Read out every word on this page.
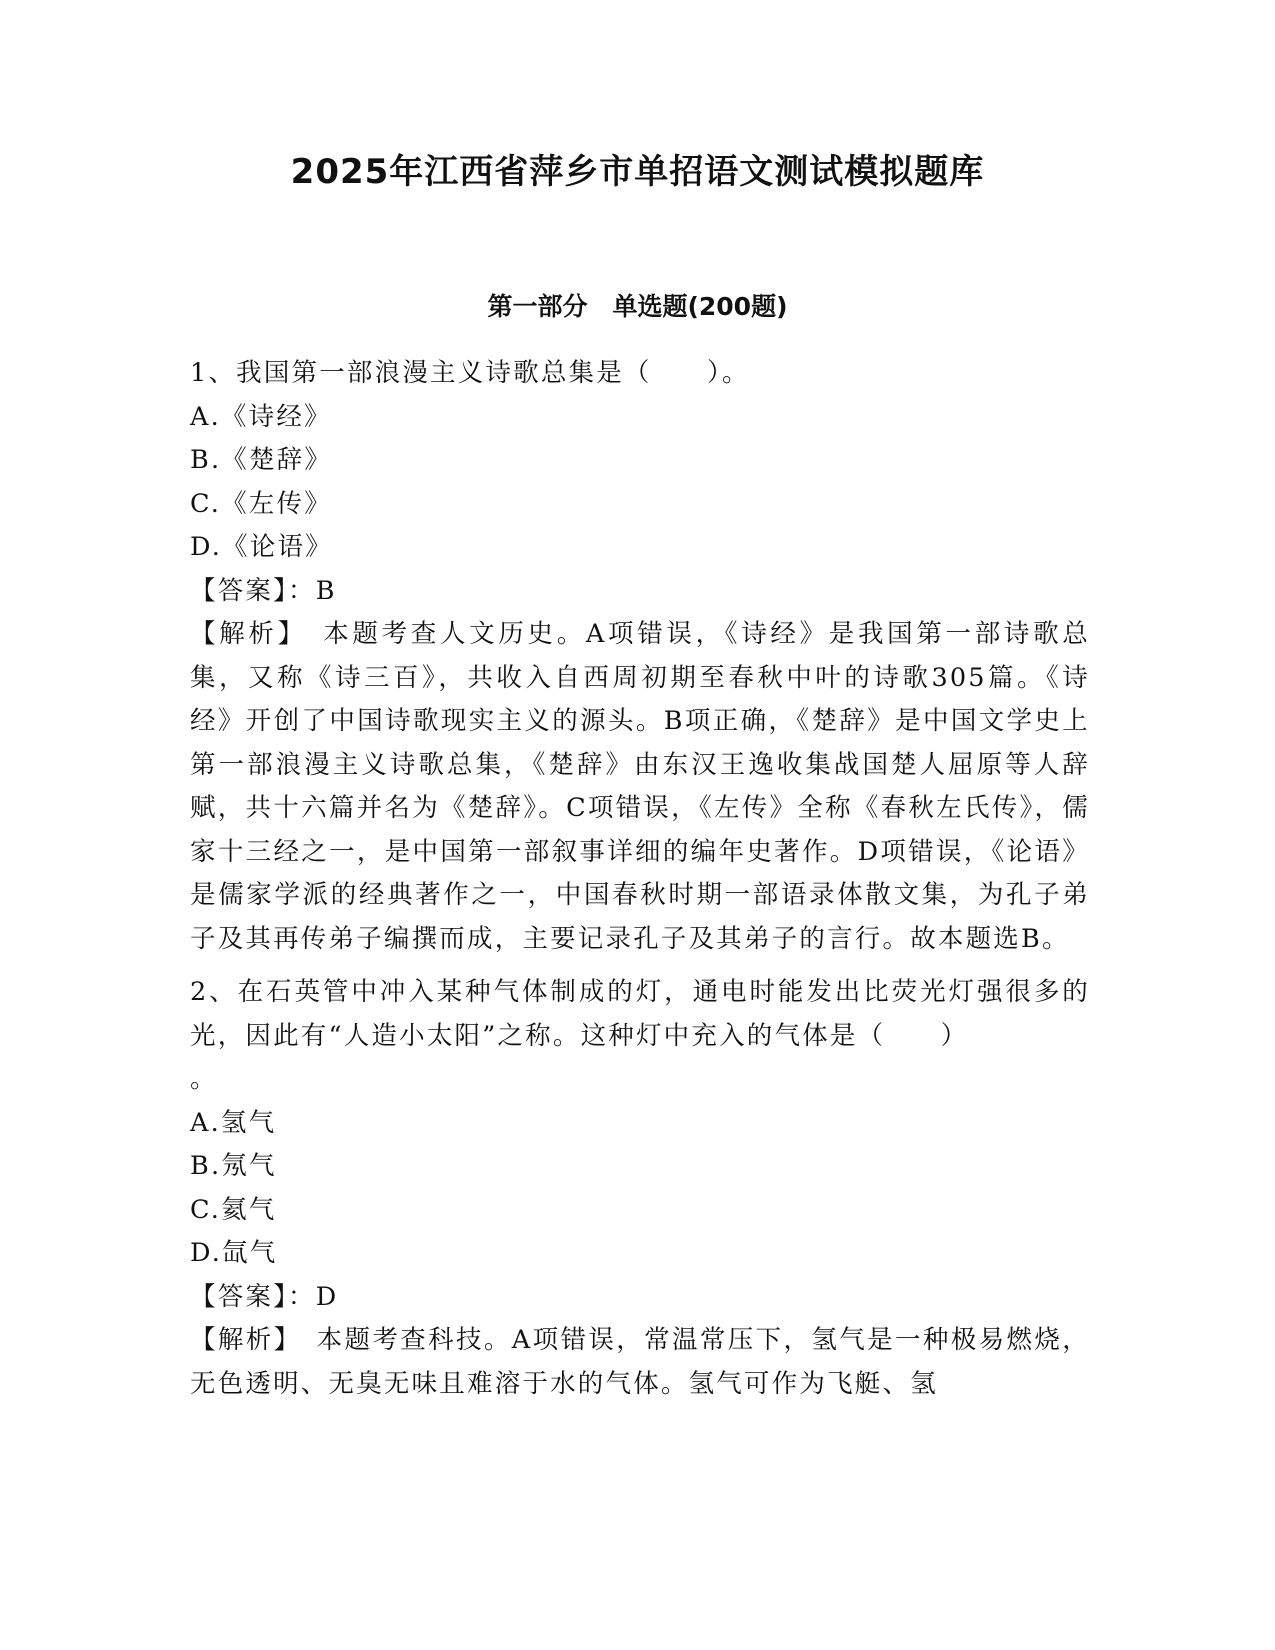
2025年江西省萍乡市单招语文测试模拟题库
第一部分　单选题(200题)
1、我国第一部浪漫主义诗歌总集是（　　）。
A.《诗经》
B.《楚辞》
C.《左传》
D.《论语》
【答案】：B
【解析】　本题考查人文历史。A项错误，《诗经》是我国第一部诗歌总集，又称《诗三百》，共收入自西周初期至春秋中叶的诗歌305篇。《诗经》开创了中国诗歌现实主义的源头。B项正确，《楚辞》是中国文学史上第一部浪漫主义诗歌总集，《楚辞》由东汉王逸收集战国楚人屈原等人辞赋，共十六篇并名为《楚辞》。C项错误，《左传》全称《春秋左氏传》，儒家十三经之一，是中国第一部叙事详细的编年史著作。D项错误，《论语》是儒家学派的经典著作之一，中国春秋时期一部语录体散文集，为孔子弟子及其再传弟子编撰而成，主要记录孔子及其弟子的言行。故本题选B。
2、在石英管中冲入某种气体制成的灯，通电时能发出比荧光灯强很多的光，因此有“人造小太阳”之称。这种灯中充入的气体是（　　）
。
A.氢气
B.氖气
C.氦气
D.氙气
【答案】：D
【解析】　本题考查科技。A项错误，常温常压下，氢气是一种极易燃烧，无色透明、无臭无味且难溶于水的气体。氢气可作为飞艇、氢
